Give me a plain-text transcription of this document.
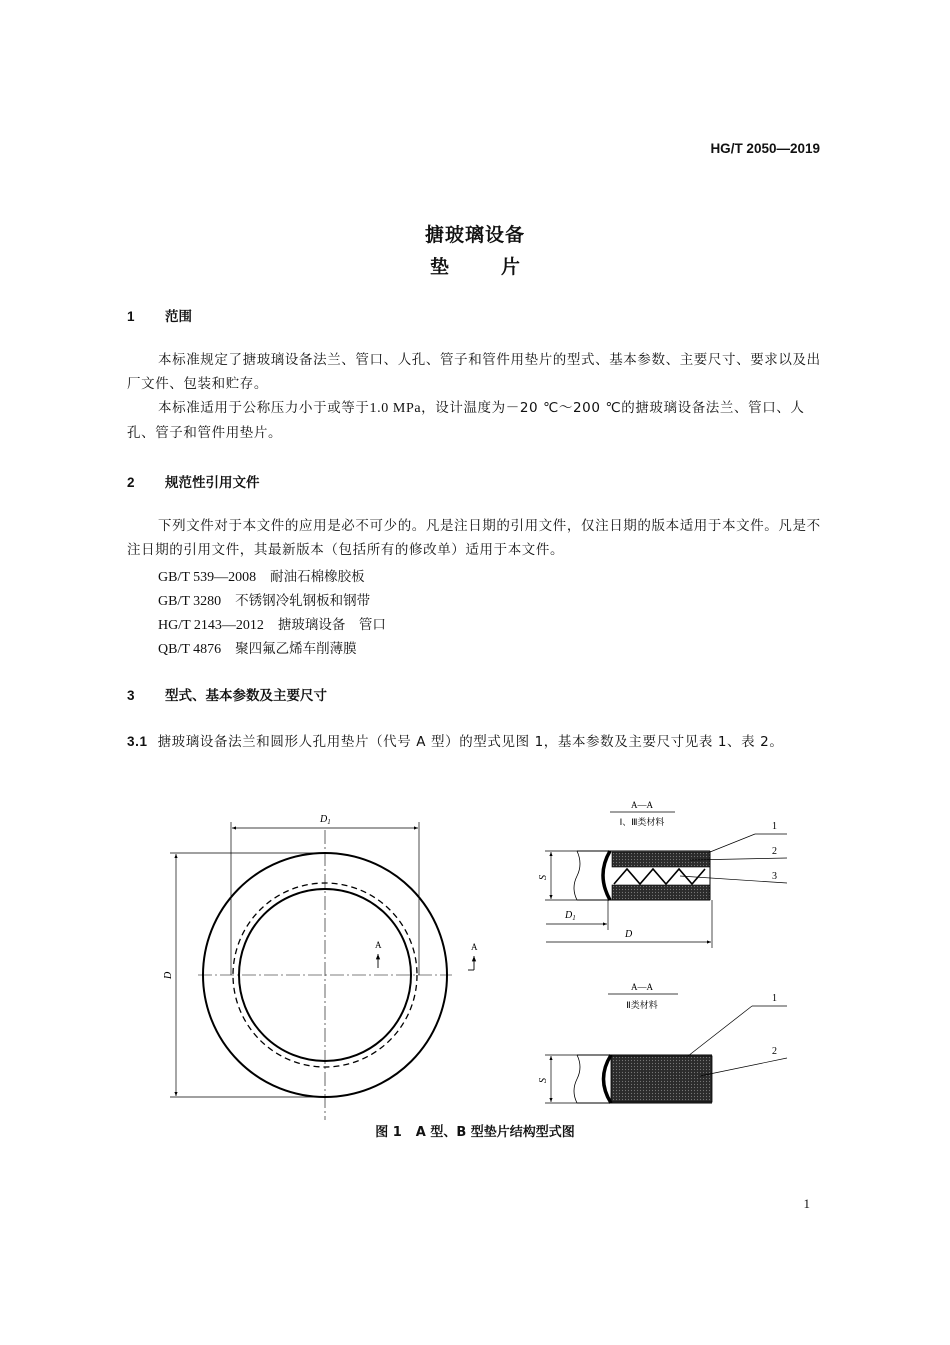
HG/T 2050—2019
搪玻璃设备
垫	片
1 范围
本标准规定了搪玻璃设备法兰、管口、人孔、管子和管件用垫片的型式、基本参数、主要尺寸、要求以及出厂文件、包装和贮存。
本标准适用于公称压力小于或等于1.0 MPa，设计温度为－20 ℃～200 ℃的搪玻璃设备法兰、管口、人孔、管子和管件用垫片。
2 规范性引用文件
下列文件对于本文件的应用是必不可少的。凡是注日期的引用文件，仅注日期的版本适用于本文件。凡是不注日期的引用文件，其最新版本（包括所有的修改单）适用于本文件。
GB/T 539—2008 耐油石棉橡胶板
GB/T 3280 不锈钢冷轧钢板和钢带
HG/T 2143—2012 搪玻璃设备　管口
QB/T 4876 聚四氟乙烯车削薄膜
3 型式、基本参数及主要尺寸
3.1 搪玻璃设备法兰和圆形人孔用垫片（代号 A 型）的型式见图 1，基本参数及主要尺寸见表 1、表 2。
$D_1$
D
A	A
A—A
Ⅰ、Ⅲ类材料	1
2
3
S
$D_1$
D
A—A
Ⅱ类材料
1
2
S
图 1 A 型、B 型垫片结构型式图
1
